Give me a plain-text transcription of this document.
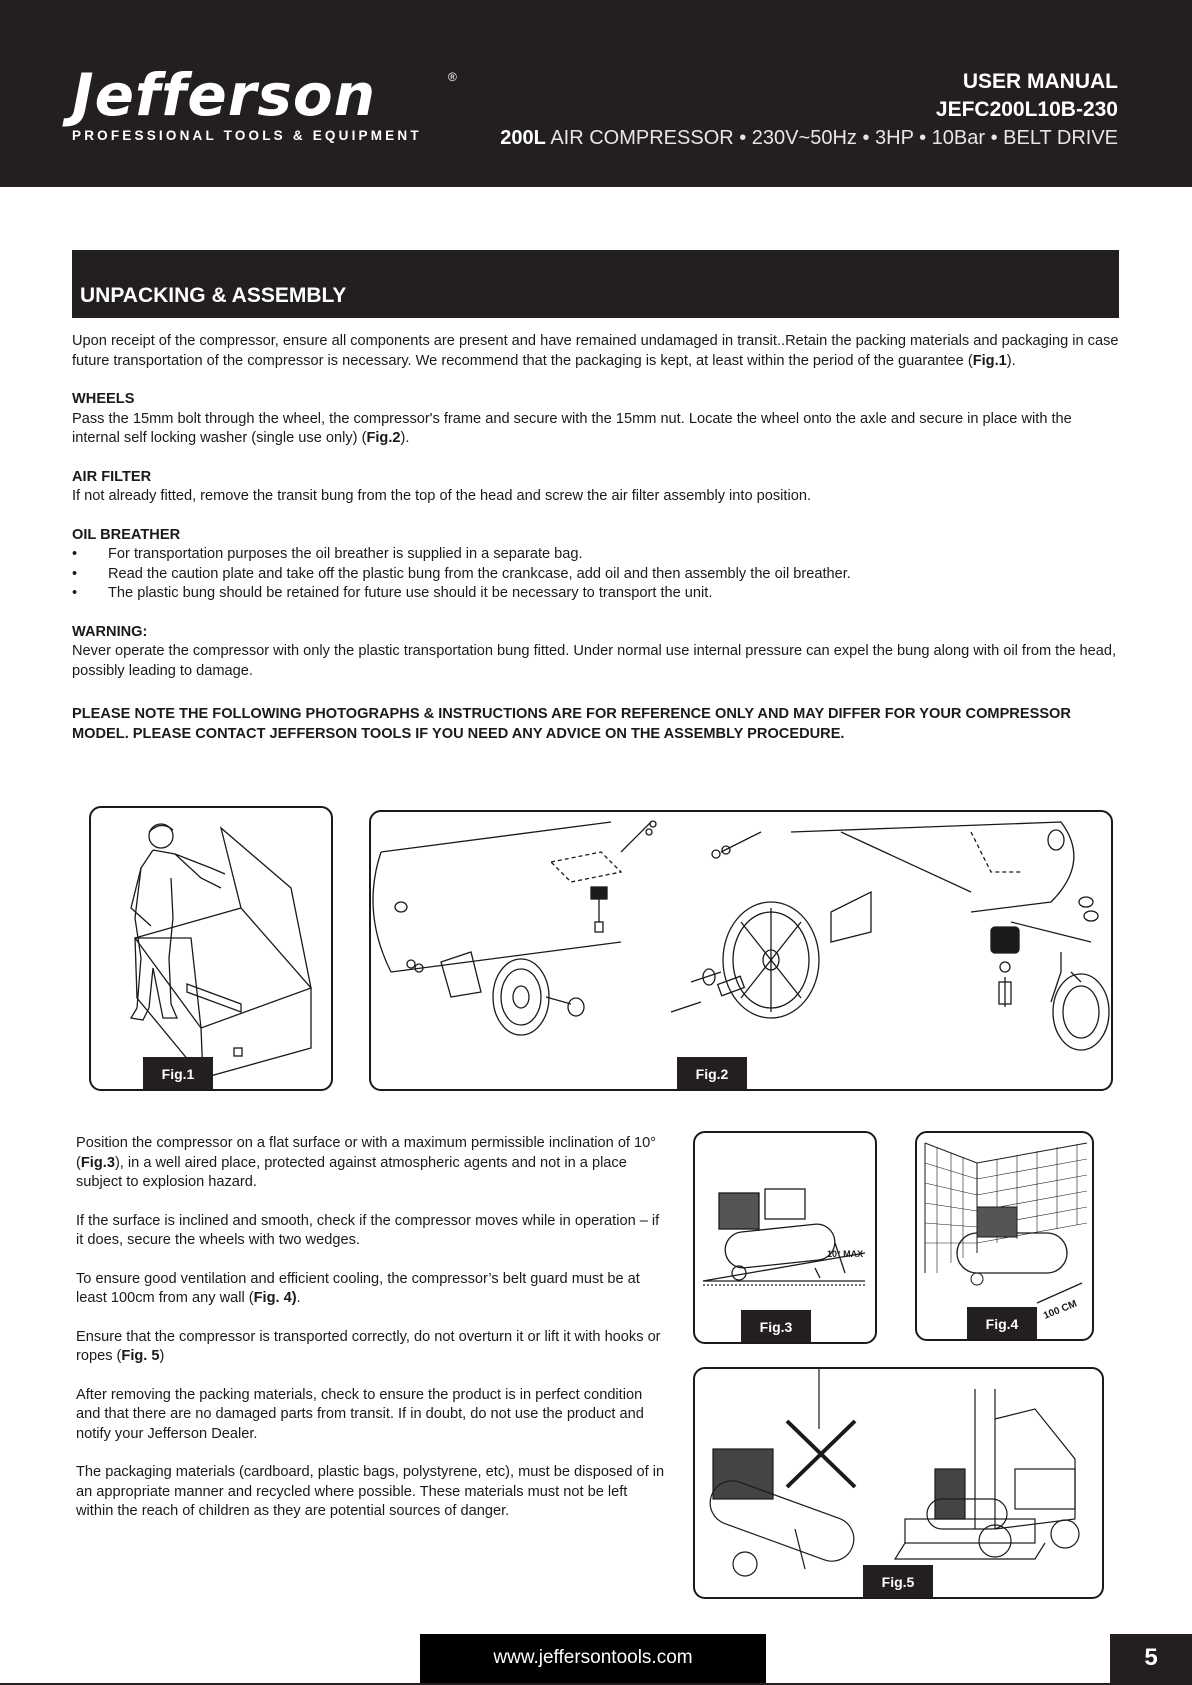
Jefferson	®
PROFESSIONAL TOOLS & EQUIPMENT
USER MANUAL
JEFC200L10B-230
200L AIR COMPRESSOR • 230V~50Hz • 3HP • 10Bar • BELT DRIVE
UNPACKING & ASSEMBLY

Upon receipt of the compressor, ensure all components are present and have remained undamaged in transit..Retain the packing materials and packaging in case future transportation of the compressor is necessary. We recommend that the packaging is kept, at least within the period of the guarantee (Fig.1).

WHEELS

Pass the 15mm bolt through the wheel, the compressor's frame and secure with the 15mm nut. Locate the wheel onto the axle and secure in place with the internal self locking washer (single use only) (Fig.2).

AIR FILTER

If not already fitted, remove the transit bung from the top of the head and screw the air filter assembly into position.

OIL BREATHER
• For transportation purposes the oil breather is supplied in a separate bag.
• Read the caution plate and take off the plastic bung from the crankcase, add oil and then assembly the oil breather.
• The plastic bung should be retained for future use should it be necessary to transport the unit.
WARNING:

Never operate the compressor with only the plastic transportation bung fitted. Under normal use internal pressure can expel the bung along with oil from the head, possibly leading to damage.

PLEASE NOTE THE FOLLOWING PHOTOGRAPHS & INSTRUCTIONS ARE FOR REFERENCE ONLY AND MAY DIFFER FOR YOUR COMPRESSOR MODEL. PLEASE CONTACT JEFFERSON TOOLS IF YOU NEED ANY ADVICE ON THE ASSEMBLY PROCEDURE.

Fig.1	Fig.2

Position the compressor on a flat surface or with a maximum permissible inclination of 10° (Fig.3), in a well aired place, protected against atmospheric agents and not in a place subject to explosion hazard.

If the surface is inclined and smooth, check if the compressor moves while in operation – if it does, secure the wheels with two wedges.

To ensure good ventilation and efficient cooling, the compressor’s belt guard must be at least 100cm from any wall (Fig. 4).

Ensure that the compressor is transported correctly, do not overturn it or lift it with hooks or ropes (Fig. 5)

After removing the packing materials, check to ensure the product is in perfect condition and that there are no damaged parts from transit. If in doubt, do not use the product and notify your Jefferson Dealer.

The packaging materials (cardboard, plastic bags, polystyrene, etc), must be disposed of in an appropriate manner and recycled where possible. These materials must not be left within the reach of children as they are potential sources of danger.

10° MAX
Fig.3
100 CM
Fig.4
Fig.5
www.jeffersontools.com	5
